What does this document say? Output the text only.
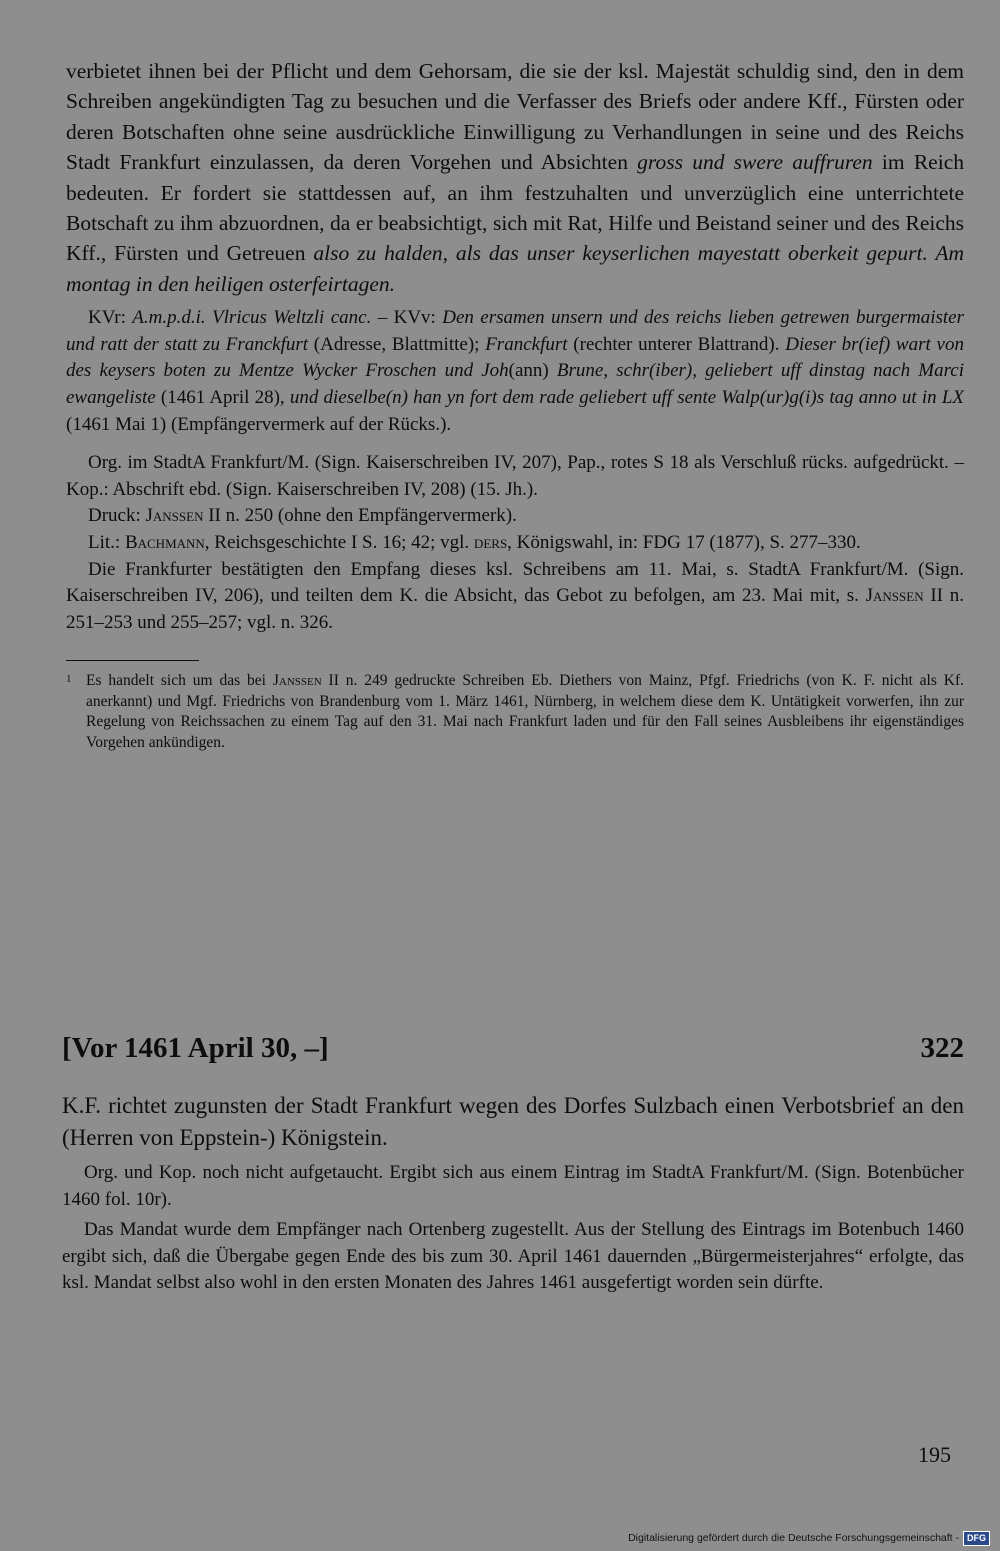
verbietet ihnen bei der Pflicht und dem Gehorsam, die sie der ksl. Majestät schuldig sind, den in dem Schreiben angekündigten Tag zu besuchen und die Verfasser des Briefs oder andere Kff., Fürsten oder deren Botschaften ohne seine ausdrückliche Einwilligung zu Verhandlungen in seine und des Reichs Stadt Frankfurt einzulassen, da deren Vorgehen und Absichten gross und swere auffruren im Reich bedeuten. Er fordert sie stattdessen auf, an ihm festzuhalten und unverzüglich eine unterrichtete Botschaft zu ihm abzuordnen, da er beabsichtigt, sich mit Rat, Hilfe und Beistand seiner und des Reichs Kff., Fürsten und Getreuen also zu halden, als das unser keyserlichen mayestatt oberkeit gepurt. Am montag in den heiligen osterfeirtagen.

KVr: A.m.p.d.i. Vlricus Weltzli canc. – KVv: Den ersamen unsern und des reichs lieben getrewen burgermaister und ratt der statt zu Franckfurt (Adresse, Blattmitte); Franckfurt (rechter unterer Blattrand). Dieser br(ief) wart von des keysers boten zu Mentze Wycker Froschen und Joh(ann) Brune, schr(iber), geliebert uff dinstag nach Marci ewangeliste (1461 April 28), und dieselbe(n) han yn fort dem rade geliebert uff sente Walp(ur)g(i)s tag anno ut in LX (1461 Mai 1) (Empfängervermerk auf der Rücks.).

Org. im StadtA Frankfurt/M. (Sign. Kaiserschreiben IV, 207), Pap., rotes S 18 als Verschluß rücks. aufgedrückt. – Kop.: Abschrift ebd. (Sign. Kaiserschreiben IV, 208) (15. Jh.).

Druck: Janssen II n. 250 (ohne den Empfängervermerk).

Lit.: Bachmann, Reichsgeschichte I S. 16; 42; vgl. ders, Königswahl, in: FDG 17 (1877), S. 277–330.

Die Frankfurter bestätigten den Empfang dieses ksl. Schreibens am 11. Mai, s. StadtA Frankfurt/M. (Sign. Kaiserschreiben IV, 206), und teilten dem K. die Absicht, das Gebot zu befolgen, am 23. Mai mit, s. Janssen II n. 251–253 und 255–257; vgl. n. 326.

1 Es handelt sich um das bei Janssen II n. 249 gedruckte Schreiben Eb. Diethers von Mainz, Pfgf. Friedrichs (von K. F. nicht als Kf. anerkannt) und Mgf. Friedrichs von Brandenburg vom 1. März 1461, Nürnberg, in welchem diese dem K. Untätigkeit vorwerfen, ihn zur Regelung von Reichssachen zu einem Tag auf den 31. Mai nach Frankfurt laden und für den Fall seines Ausbleibens ihr eigenständiges Vorgehen ankündigen.

[Vor 1461 April 30, –]	322

K.F. richtet zugunsten der Stadt Frankfurt wegen des Dorfes Sulzbach einen Verbotsbrief an den (Herren von Eppstein-) Königstein.

Org. und Kop. noch nicht aufgetaucht. Ergibt sich aus einem Eintrag im StadtA Frankfurt/M. (Sign. Botenbücher 1460 fol. 10r).

Das Mandat wurde dem Empfänger nach Ortenberg zugestellt. Aus der Stellung des Eintrags im Botenbuch 1460 ergibt sich, daß die Übergabe gegen Ende des bis zum 30. April 1461 dauernden „Bürgermeisterjahres“ erfolgte, das ksl. Mandat selbst also wohl in den ersten Monaten des Jahres 1461 ausgefertigt worden sein dürfte.

195
Digitalisierung gefördert durch die Deutsche Forschungsgemeinschaft - DFG
